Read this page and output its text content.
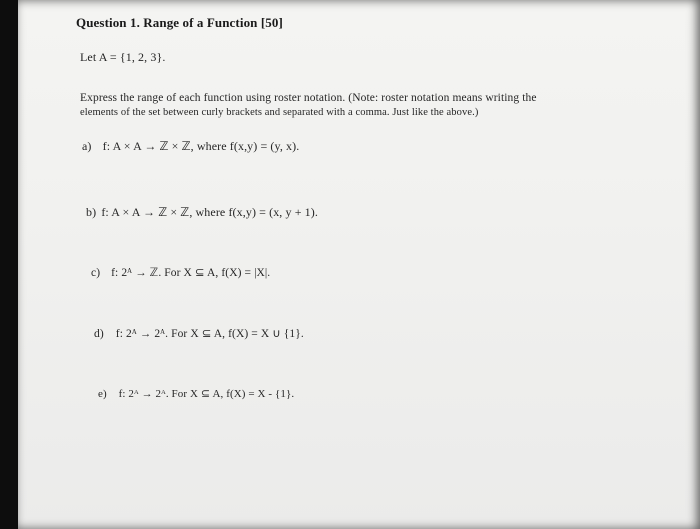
Question 1. Range of a Function [50]
Let A = {1, 2, 3}.
Express the range of each function using roster notation. (Note: roster notation means writing the
elements of the set between curly brackets and separated with a comma. Just like the above.)
a) f: A × A → ℤ × ℤ, where f(x,y) = (y, x).
b) f: A × A → ℤ × ℤ, where f(x,y) = (x, y + 1).
c) f: 2ᴬ → ℤ. For X ⊆ A, f(X) = |X|.
d) f: 2ᴬ → 2ᴬ. For X ⊆ A, f(X) = X ∪ {1}.
e) f: 2ᴬ → 2ᴬ. For X ⊆ A, f(X) = X - {1}.
